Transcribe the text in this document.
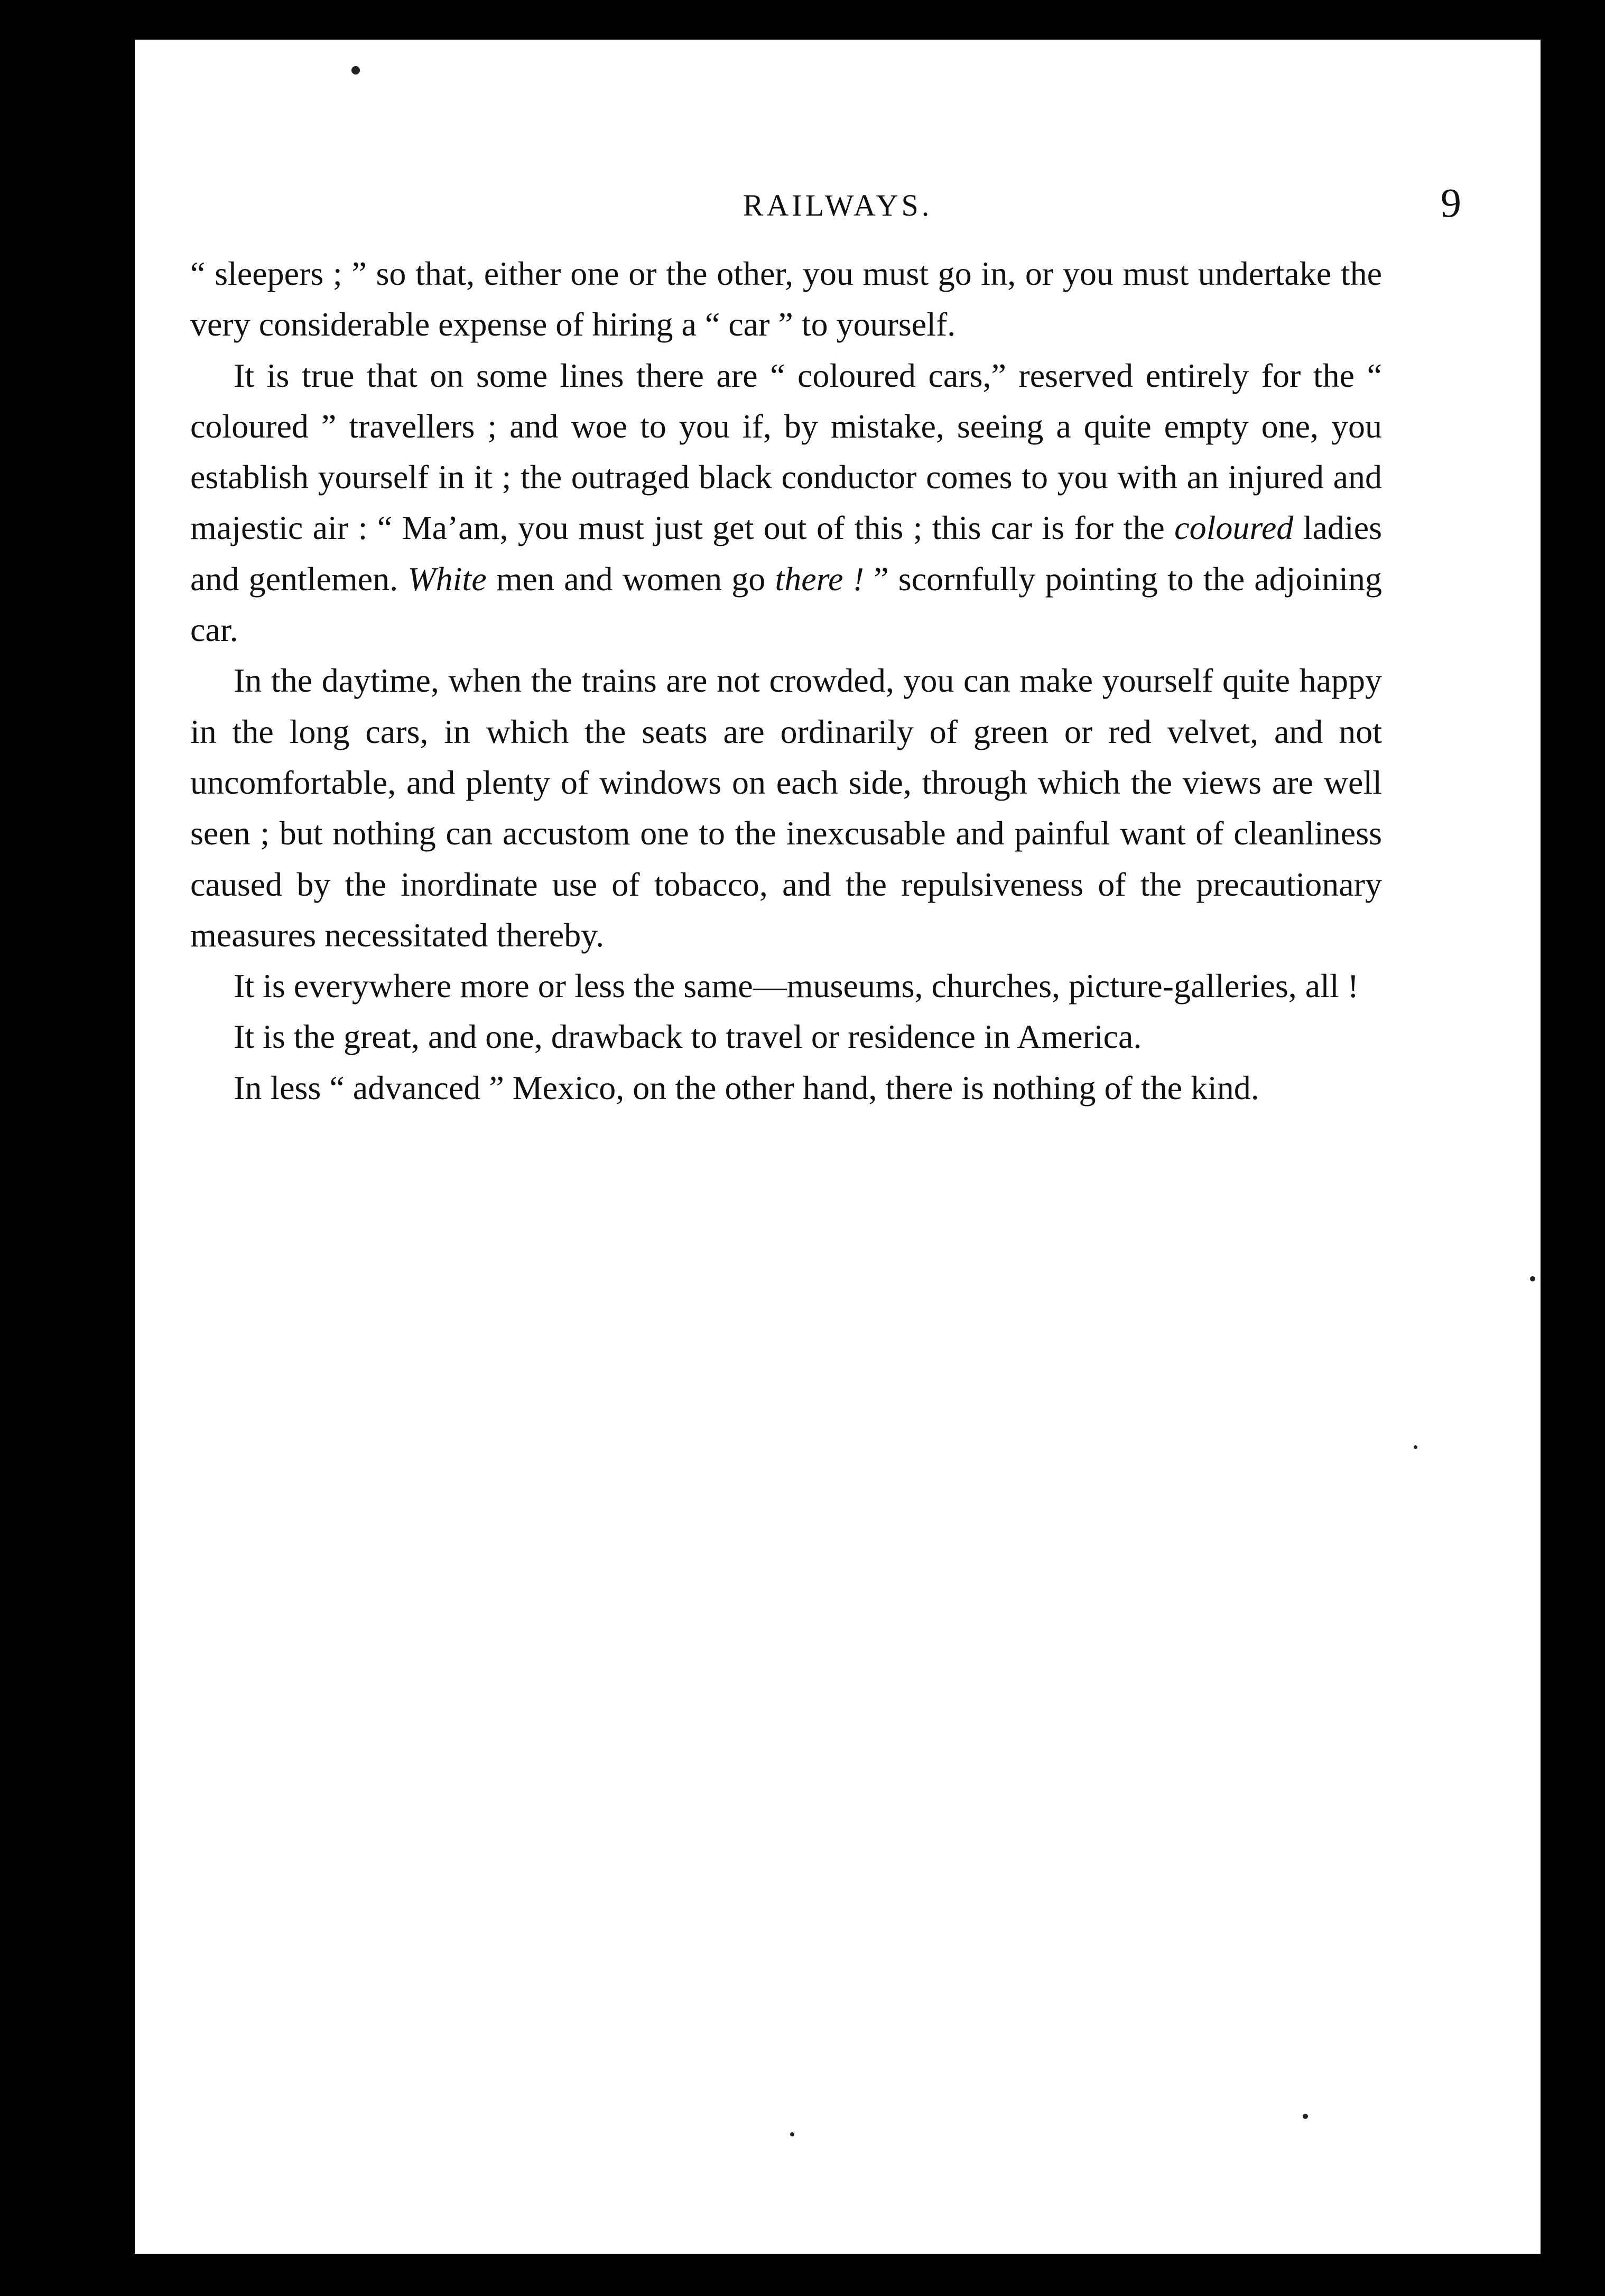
RAILWAYS.	9

“ sleepers ; ” so that, either one or the other, you must go in, or you must undertake the very considerable expense of hiring a “ car ” to yourself.

It is true that on some lines there are “ coloured cars,” reserved entirely for the “ coloured ” travellers ; and woe to you if, by mistake, seeing a quite empty one, you establish yourself in it ; the outraged black conductor comes to you with an injured and majestic air : “ Ma’am, you must just get out of this ; this car is for the coloured ladies and gentlemen. White men and women go there ! ” scornfully pointing to the adjoining car.

In the daytime, when the trains are not crowded, you can make yourself quite happy in the long cars, in which the seats are ordinarily of green or red velvet, and not uncomfortable, and plenty of windows on each side, through which the views are well seen ; but nothing can accustom one to the inexcusable and painful want of cleanliness caused by the inordinate use of tobacco, and the repulsiveness of the precautionary measures necessitated thereby.

It is everywhere more or less the same—museums, churches, picture-galleries, all !

It is the great, and one, drawback to travel or residence in America.

In less “ advanced ” Mexico, on the other hand, there is nothing of the kind.
